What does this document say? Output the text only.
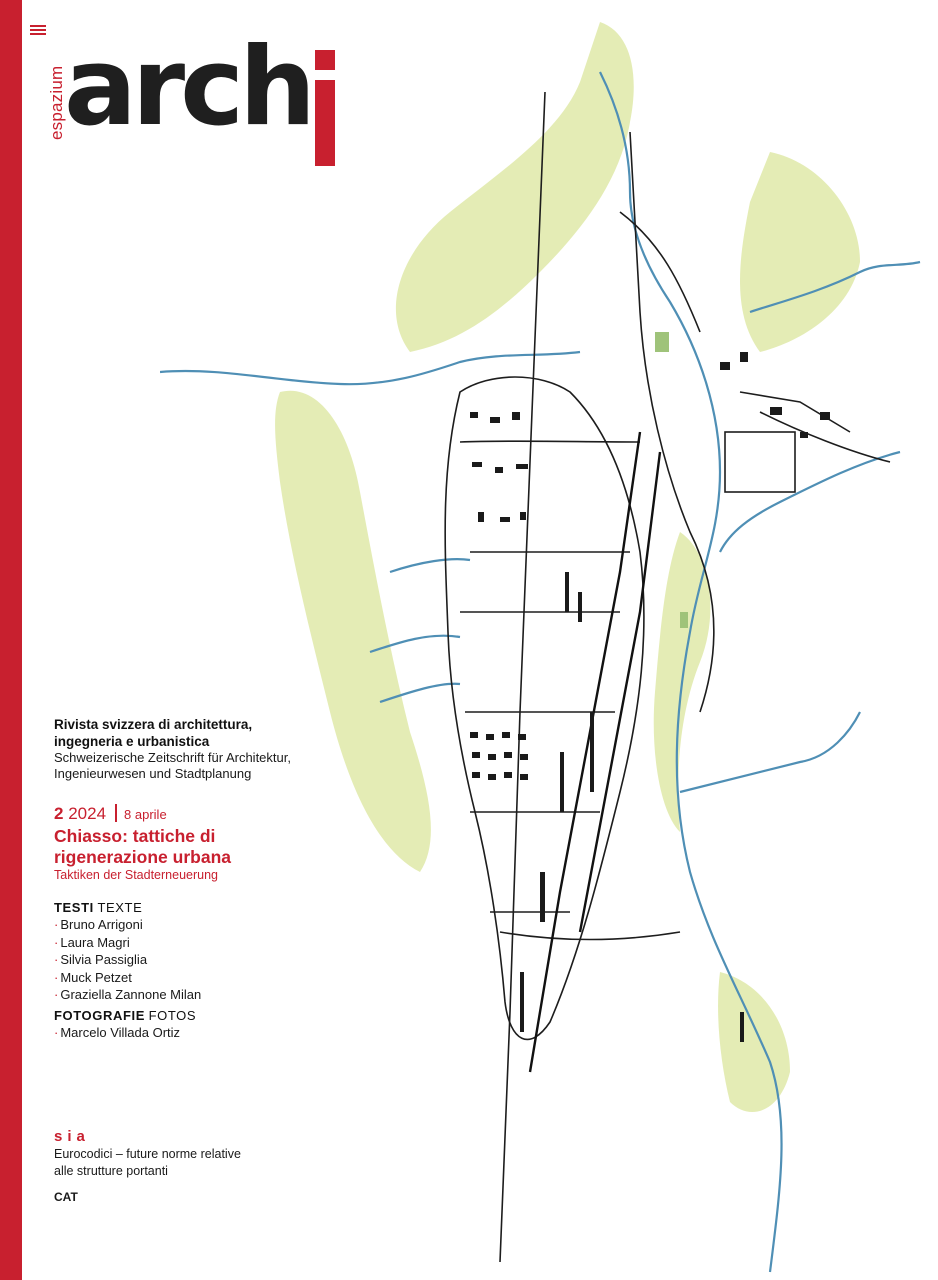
espazium
arch
Rivista svizzera di architettura,
ingegneria e urbanistica
Schweizerische Zeitschrift für Architektur,
Ingenieurwesen und Stadtplanung
2 2024 8 aprile
Chiasso: tattiche di
rigenerazione urbana
Taktiken der Stadterneuerung
TESTI TEXTE
· Bruno Arrigoni
· Laura Magri
· Silvia Passiglia
· Muck Petzet
· Graziella Zannone Milan
FOTOGRAFIE FOTOS
· Marcelo Villada Ortiz
sia
Eurocodici – future norme relative
alle strutture portanti
CAT
